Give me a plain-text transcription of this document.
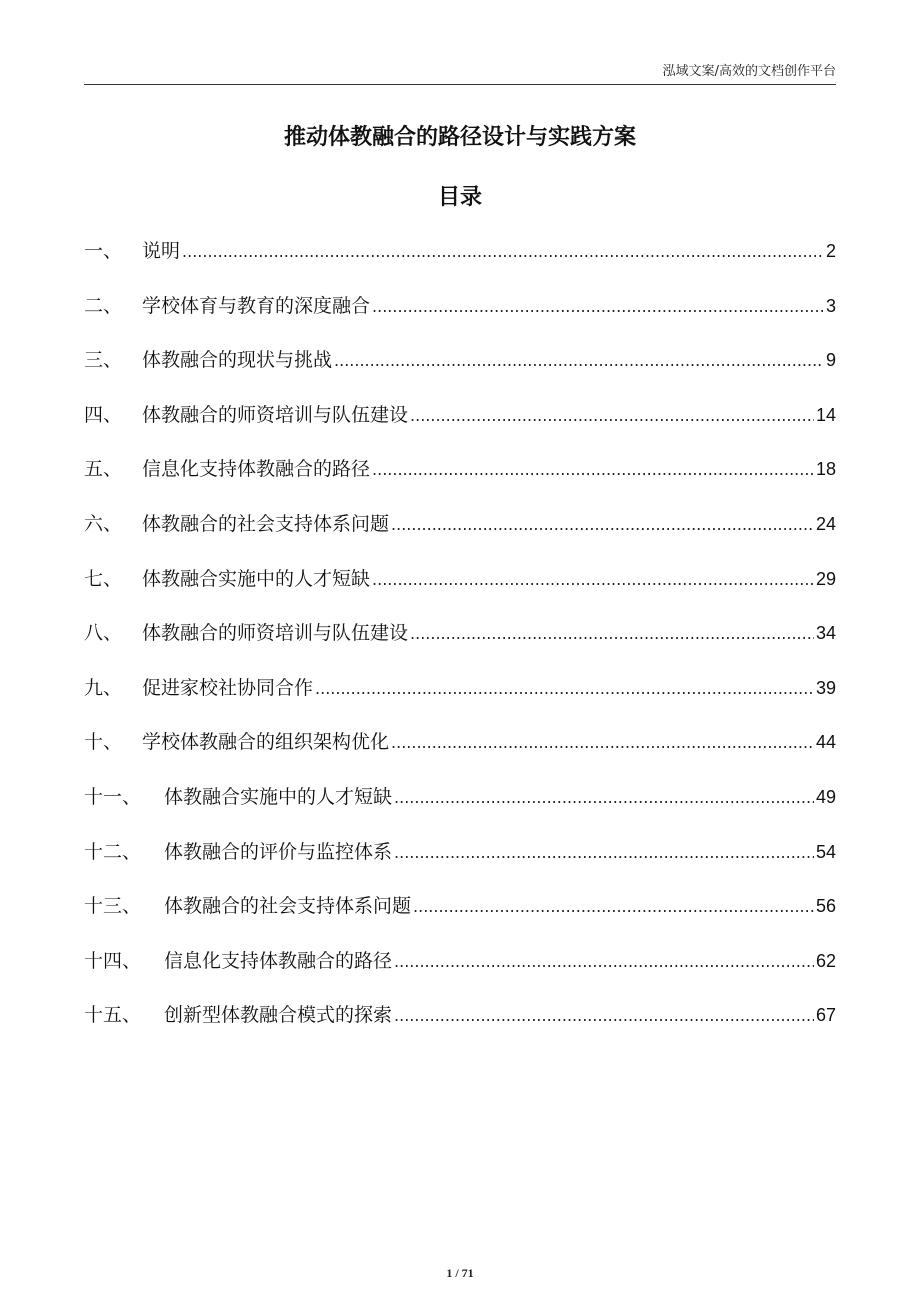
泓域文案/高效的文档创作平台
推动体教融合的路径设计与实践方案
目录
一、	说明 .....	2
二、	学校体育与教育的深度融合 .....	3
三、	体教融合的现状与挑战 .....	9
四、	体教融合的师资培训与队伍建设 .....	14
五、	信息化支持体教融合的路径 .....	18
六、	体教融合的社会支持体系问题 .....	24
七、	体教融合实施中的人才短缺 .....	29
八、	体教融合的师资培训与队伍建设 .....	34
九、	促进家校社协同合作 .....	39
十、	学校体教融合的组织架构优化 .....	44
十一、	体教融合实施中的人才短缺 .....	49
十二、	体教融合的评价与监控体系 .....	54
十三、	体教融合的社会支持体系问题 .....	56
十四、	信息化支持体教融合的路径 .....	62
十五、	创新型体教融合模式的探索 .....	67
1 / 71
